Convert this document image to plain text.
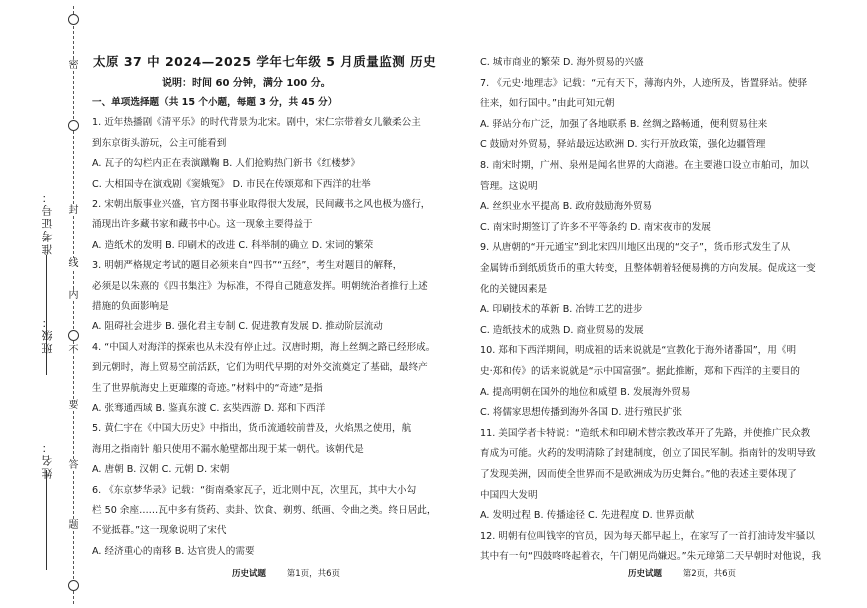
密
封
线
内
不
要
答
题
准考证号：
班级：
姓名：
太原 37 中 2024—2025 学年七年级 5 月质量监测 历史
说明：时间 60 分钟，满分 100 分。
一、单项选择题（共 15 个小题，每题 3 分，共 45 分）
1. 近年热播剧《清平乐》的时代背景为北宋。剧中，宋仁宗带着女儿徽柔公主
到东京街头游玩，公主可能看到
A. 瓦子的勾栏内正在表演蹴鞠 B. 人们抢购热门新书《红楼梦》
C. 大相国寺在演戏剧《窦娥冤》 D. 市民在传颂郑和下西洋的壮举
2. 宋朝出版事业兴盛，官方图书事业取得很大发展，民间藏书之风也极为盛行，
涌现出许多藏书家和藏书中心。这一现象主要得益于
A. 造纸术的发明 B. 印刷术的改进 C. 科举制的确立 D. 宋词的繁荣
3. 明朝严格规定考试的题目必须来自“四书”“五经”，考生对题目的解释，
必须是以朱熹的《四书集注》为标准，不得自己随意发挥。明朝统治者推行上述
措施的负面影响是
A. 阻碍社会进步 B. 强化君主专制 C. 促进教育发展 D. 推动阶层流动
4. “中国人对海洋的探索也从未没有停止过。汉唐时期，海上丝绸之路已经形成。
到元朝时，海上贸易空前活跃，它们为明代早期的对外交流奠定了基础，最终产
生了世界航海史上更璀璨的奇迹。”材料中的“奇迹”是指
A. 张骞通西域 B. 鉴真东渡 C. 玄奘西游 D. 郑和下西洋
5. 黄仁宇在《中国大历史》中指出，货币流通较前普及，火焰黑之使用，航
海用之指南针 船只使用不漏水舱壁都出现于某一朝代。该朝代是
A. 唐朝 B. 汉朝 C. 元朝 D. 宋朝
6. 《东京梦华录》记载：“街南桑家瓦子，近北则中瓦，次里瓦，其中大小勾
栏 50 余座……瓦中多有货药、卖卦、饮食、剃剪、纸画、令曲之类。终日居此，
不觉抵暮。”这一现象说明了宋代
A. 经济重心的南移 B. 达官贵人的需要
C. 城市商业的繁荣 D. 海外贸易的兴盛
7. 《元史·地理志》记载：“元有天下，薄海内外，人迹所及，皆置驿站。使驿
往来，如行国中。”由此可知元朝
A. 驿站分布广泛，加强了各地联系 B. 丝绸之路畅通，便利贸易往来
C 鼓励对外贸易，驿站最远达欧洲 D. 实行开放政策，强化边疆管理
8. 南宋时期，广州、泉州是闻名世界的大商港。在主要港口设立市舶司，加以
管理。这说明
A. 丝织业水平提高 B. 政府鼓励海外贸易
C. 南宋时期签订了许多不平等条约 D. 南宋夜市的发展
9. 从唐朝的“开元通宝”到北宋四川地区出现的“交子”，货币形式发生了从
金属铸币到纸质货币的重大转变，且整体朝着轻便易携的方向发展。促成这一变
化的关键因素是
A. 印刷技术的革新 B. 冶铸工艺的进步
C. 造纸技术的成熟 D. 商业贸易的发展
10. 郑和下西洋期间，明成祖的话来说就是“宣教化于海外诸番国”，用《明
史·郑和传》的话来说就是“示中国富强”。据此推断，郑和下西洋的主要目的
A. 提高明朝在国外的地位和威望 B. 发展海外贸易
C. 将儒家思想传播到海外各国 D. 进行殖民扩张
11. 美国学者卡特说：“造纸术和印刷术替宗教改革开了先路，并使推广民众教
育成为可能。火药的发明清除了封建制度，创立了国民军制。指南针的发明导致
了发现美洲，因而使全世界而不是欧洲成为历史舞台。”他的表述主要体现了
中国四大发明
A. 发明过程 B. 传播途径 C. 先进程度 D. 世界贡献
12. 明朝有位叫钱宰的官员，因为每天都早起上，在家写了一首打油诗发牢骚以
其中有一句“四鼓咚咚起着衣，午门朝见尚嫌迟。”朱元璋第二天早朝时对他说，我
历史试题 第1页，共6页	历史试题 第2页，共6页
